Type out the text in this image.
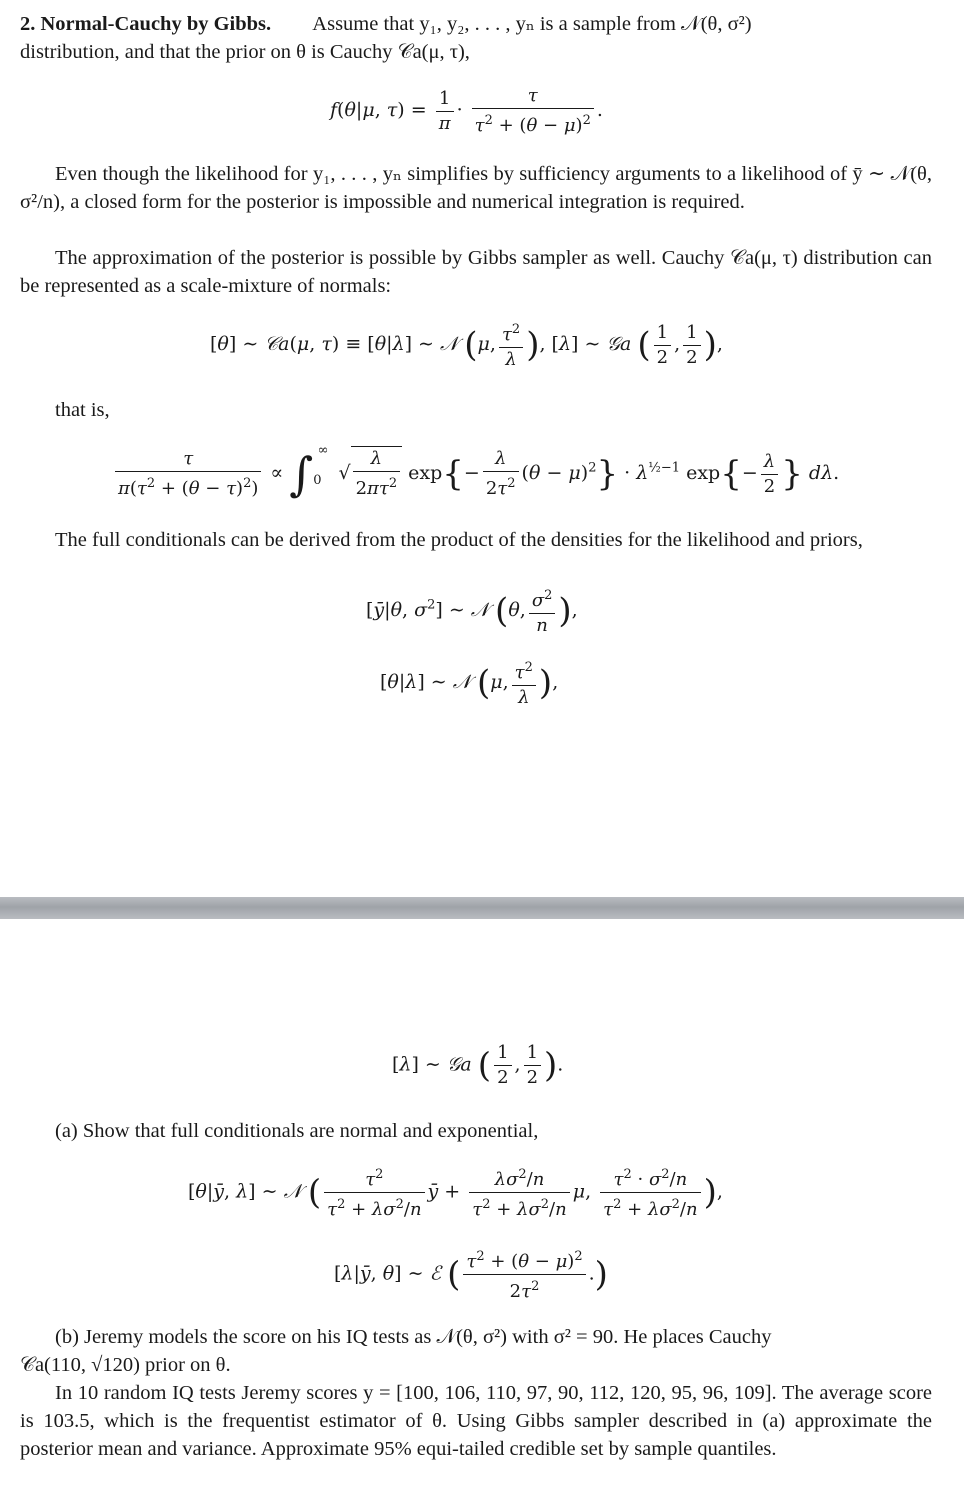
2. Normal-Cauchy by Gibbs. Assume that y₁, y₂, . . . , yₙ is a sample from 𝒩(θ, σ²)
distribution, and that the prior on θ is Cauchy 𝒞a(μ, τ),
f(θ|μ, $\tau) = \frac{1}{\pi} \cdot \frac{\tau}{\tau^2 + (\theta - \mu)^2}$ .
Even though the likelihood for y₁, . . . , yₙ simplifies by sufficiency arguments to a likelihood of ȳ ∼ 𝒩(θ, σ²/n), a closed form for the posterior is impossible and numerical integration is required.
The approximation of the posterior is possible by Gibbs sampler as well. Cauchy 𝒞a(μ, τ) distribution can be represented as a scale-mixture of normals:
[θ] ∼ 𝒞a(μ, τ) ≡ [θ|λ] ∼ 𝒩 (μ, $\frac{\tau^2}{\lambda}$ ), [λ] ∼ 𝒢a ( $\frac{1}{2}$ , $\frac{1}{2}$ ),
that is,
$\frac{\tau}{\pi(\tau^2 + (\theta - \tau)^2)} \propto \int_0^\infty$ √ $\frac{\lambda}{2\pi\tau^2} \exp\{- \frac{\lambda}{2\tau^2} (\theta - \mu)^2\} \cdot \lambda^{\frac{1}{2}-1}$ $\exp\{- \frac{\lambda}{2}$ } dλ.
The full conditionals can be derived from the product of the densities for the likelihood and priors,
[ȳ|θ, $\sigma^2$] ∼ 𝒩 (θ, $\frac{\sigma^2}{n}$ ),
[θ|λ] ∼ 𝒩 (μ, $\frac{\tau^2}{\lambda}$ ),
[λ] ∼ 𝒢a ( $\frac{1}{2}$ , $\frac{1}{2}$ ).
(a) Show that full conditionals are normal and exponential,
[θ|ȳ, λ] ∼ 𝒩 ( $\frac{\tau^2}{\tau^2 + \lambda\sigma^2/n}$ ȳ + $\frac{\lambda\sigma^2/n}{\tau^2 + \lambda\sigma^2/n} \mu$, $\frac{\tau^2 \cdot \sigma^2/n}{\tau^2 + \lambda\sigma^2/n}$ ),
[λ|ȳ, θ] ∼ ℰ ( $\frac{\tau^2 + (\theta - \mu)^2}{2\tau^2}$ .)
(b) Jeremy models the score on his IQ tests as 𝒩(θ, σ²) with σ² = 90. He places Cauchy
𝒞a(110, √120) prior on θ.
In 10 random IQ tests Jeremy scores y = [100, 106, 110, 97, 90, 112, 120, 95, 96, 109]. The average score is 103.5, which is the frequentist estimator of θ. Using Gibbs sampler described in (a) approximate the posterior mean and variance. Approximate 95% equi-tailed credible set by sample quantiles.
